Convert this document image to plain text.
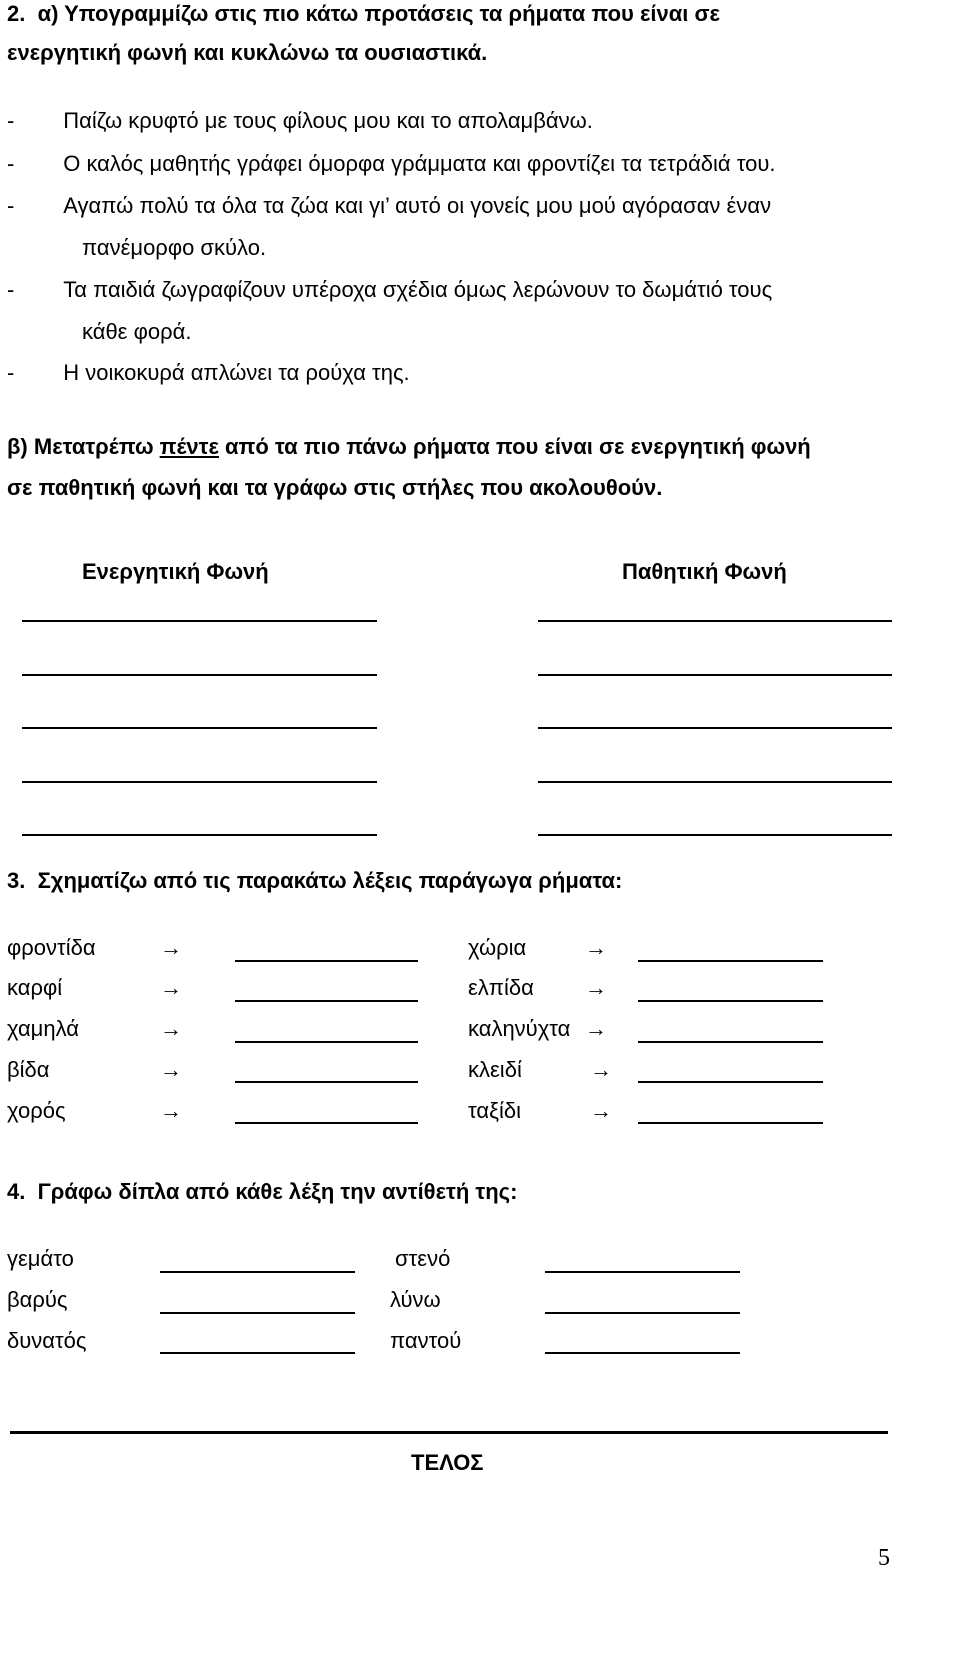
2.  α) Υπογραμμίζω στις πιο κάτω προτάσεις τα ρήματα που είναι σε
ενεργητική φωνή και κυκλώνω τα ουσιαστικά.
-        Παίζω κρυφτό με τους φίλους μου και το απολαμβάνω.
-        Ο καλός μαθητής γράφει όμορφα γράμματα και φροντίζει τα τετράδιά του.
-        Αγαπώ πολύ τα όλα τα ζώα και γι’ αυτό οι γονείς μου μού αγόρασαν έναν
πανέμορφο σκύλο.
-        Τα παιδιά ζωγραφίζουν υπέροχα σχέδια όμως λερώνουν το δωμάτιό τους
κάθε φορά.
-        Η νοικοκυρά απλώνει τα ρούχα της.
β) Μετατρέπω πέντε από τα πιο πάνω ρήματα που είναι σε ενεργητική φωνή
σε παθητική φωνή και τα γράφω στις στήλες που ακολουθούν.
Ενεργητική Φωνή	Παθητική Φωνή
3.  Σχηματίζω από τις παρακάτω λέξεις παράγωγα ρήματα:
φροντίδα	→	χώρια	→
καρφί	→	ελπίδα →
χαμηλά	→	καληνύχτα →
βίδα	→	κλειδί	→
χορός	→	ταξίδι	→
4.  Γράφω δίπλα από κάθε λέξη την αντίθετή της:
γεμάτο	στενό
βαρύς	λύνω
δυνατός	παντού
ΤΕΛΟΣ
5
